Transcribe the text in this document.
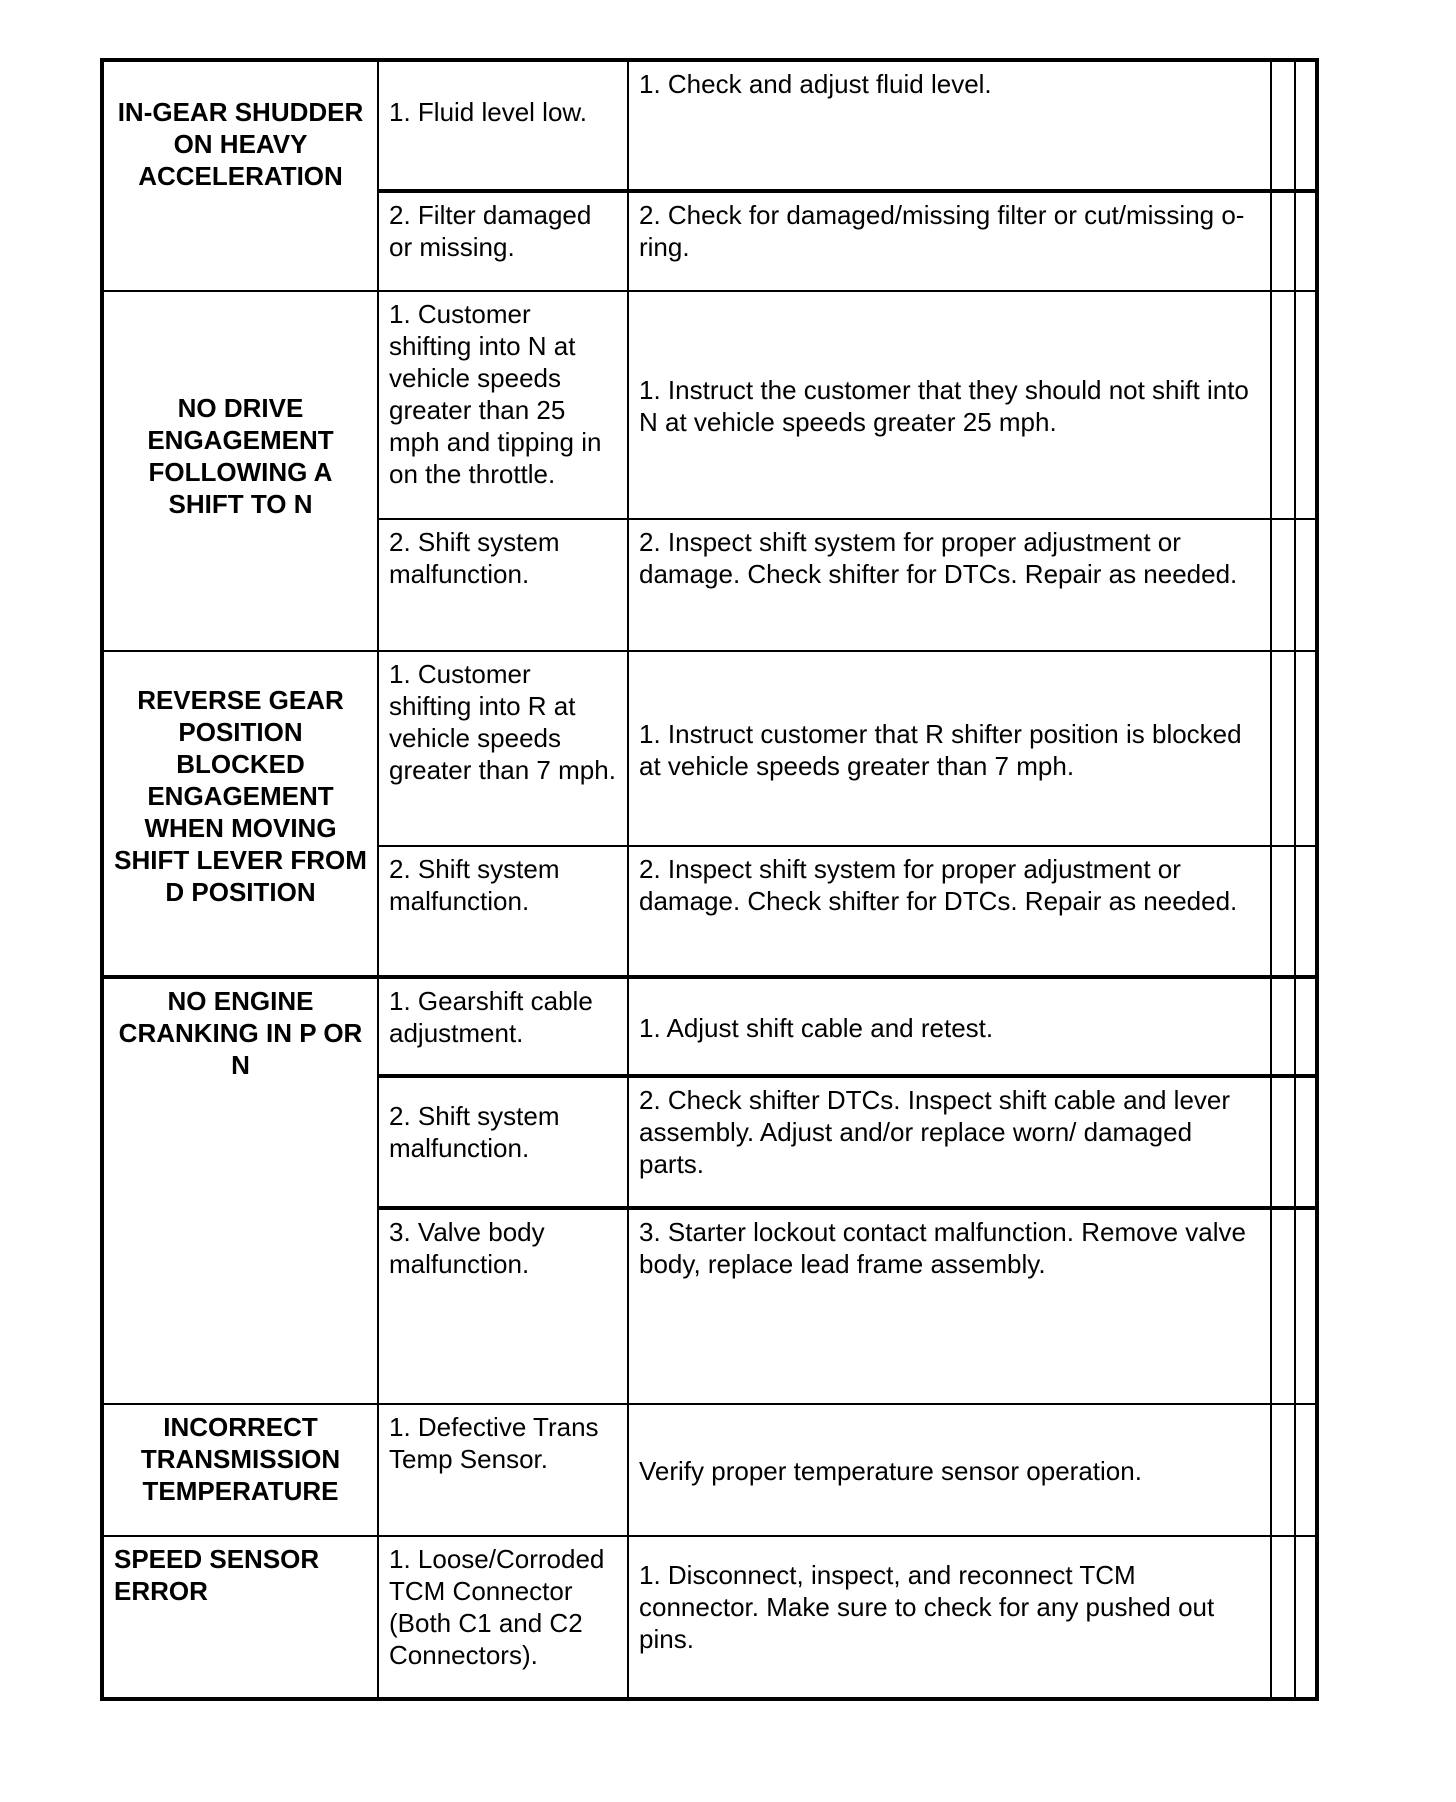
IN-GEAR SHUDDER ON HEAVY ACCELERATION	1. Fluid level low.	1. Check and adjust fluid level.		
	2. Filter damaged or missing.	2. Check for damaged/missing filter or cut/missing o-ring.		
NO DRIVE ENGAGEMENT FOLLOWING A SHIFT TO N	1. Customer shifting into N at vehicle speeds greater than 25 mph and tipping in on the throttle.	1. Instruct the customer that they should not shift into N at vehicle speeds greater 25 mph.		
	2. Shift system malfunction.	2. Inspect shift system for proper adjustment or damage. Check shifter for DTCs. Repair as needed.		
REVERSE GEAR POSITION BLOCKED ENGAGEMENT WHEN MOVING SHIFT LEVER FROM D POSITION	1. Customer shifting into R at vehicle speeds greater than 7 mph.	1. Instruct customer that R shifter position is blocked at vehicle speeds greater than 7 mph.		
	2. Shift system malfunction.	2. Inspect shift system for proper adjustment or damage. Check shifter for DTCs. Repair as needed.		
NO ENGINE CRANKING IN P OR N	1. Gearshift cable adjustment.	1. Adjust shift cable and retest.		
	2. Shift system malfunction.	2. Check shifter DTCs. Inspect shift cable and lever assembly. Adjust and/or replace worn/ damaged parts.		
	3. Valve body malfunction.	3. Starter lockout contact malfunction. Remove valve body, replace lead frame assembly.		
INCORRECT TRANSMISSION TEMPERATURE	1. Defective Trans Temp Sensor.	Verify proper temperature sensor operation.		
SPEED SENSOR ERROR	1. Loose/Corroded TCM Connector (Both C1 and C2 Connectors).	1. Disconnect, inspect, and reconnect TCM connector. Make sure to check for any pushed out pins.		
